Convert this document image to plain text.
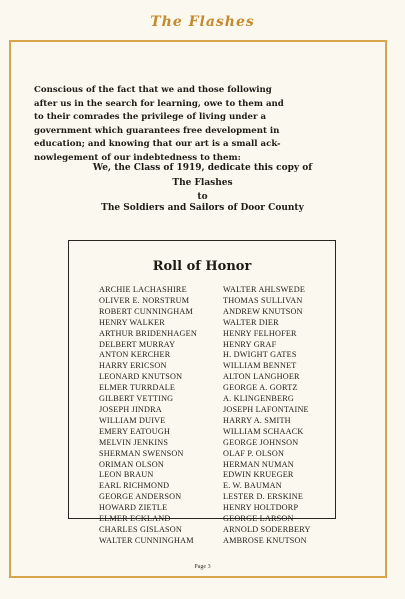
The Flashes
Conscious of the fact that we and those following
after us in the search for learning, owe to them and
to their comrades the privilege of living under a
government which guarantees free development in
education; and knowing that our art is a small ack-
nowlegement of our indebtedness to them:
We, the Class of 1919, dedicate this copy of
The Flashes
to
The Soldiers and Sailors of Door County
Roll of Honor
ARCHIE LACHASHIRE
OLIVER E. NORSTRUM
ROBERT CUNNINGHAM
HENRY WALKER
ARTHUR BRIDENHAGEN
DELBERT MURRAY
ANTON KERCHER
HARRY ERICSON
LEONARD KNUTSON
ELMER TURRDALE
GILBERT VETTING
JOSEPH JINDRA
WILLIAM DUIVE
EMERY EATOUGH
MELVIN JENKINS
SHERMAN SWENSON
ORIMAN OLSON
LEON BRAUN
EARL RICHMOND
GEORGE ANDERSON
HOWARD ZIETLE
ELMER ECKLAND
CHARLES GISLASON
WALTER CUNNINGHAM
WALTER AHLSWEDE
THOMAS SULLIVAN
ANDREW KNUTSON
WALTER DIER
HENRY FELHOFER
HENRY GRAF
H. DWIGHT GATES
WILLIAM BENNET
ALTON LANGHOER
GEORGE A. GORTZ
A. KLINGENBERG
JOSEPH LAFONTAINE
HARRY A. SMITH
WILLIAM SCHAACK
GEORGE JOHNSON
OLAF P. OLSON
HERMAN NUMAN
EDWIN KRUEGER
E. W. BAUMAN
LESTER D. ERSKINE
HENRY HOLTDORP
GEORGE LARSON
ARNOLD SODERBERY
AMBROSE KNUTSON
Page 3
